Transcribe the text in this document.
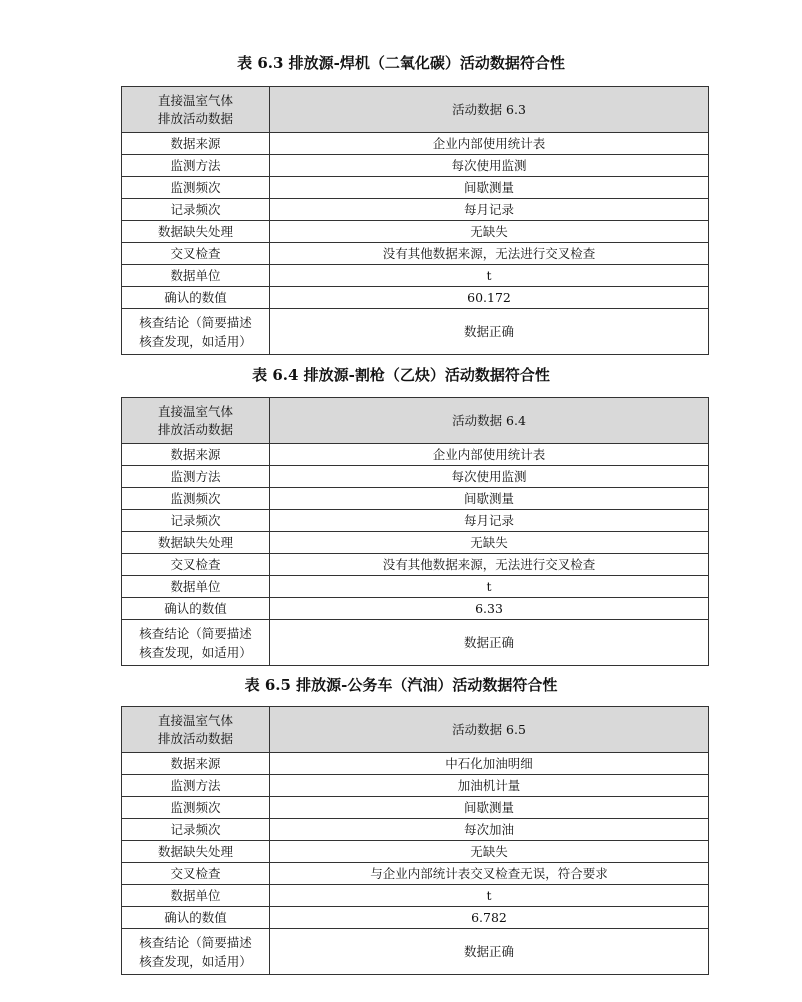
表 6.3 排放源-焊机（二氧化碳）活动数据符合性
直接温室气体
排放活动数据	活动数据 6.3
数据来源	企业内部使用统计表
监测方法	每次使用监测
监测频次	间歇测量
记录频次	每月记录
数据缺失处理	无缺失
交叉检查	没有其他数据来源，无法进行交叉检查
数据单位	t
确认的数值	60.172
核查结论（简要描述
核查发现，如适用）	数据正确
表 6.4 排放源-割枪（乙炔）活动数据符合性
直接温室气体
排放活动数据	活动数据 6.4
数据来源	企业内部使用统计表
监测方法	每次使用监测
监测频次	间歇测量
记录频次	每月记录
数据缺失处理	无缺失
交叉检查	没有其他数据来源，无法进行交叉检查
数据单位	t
确认的数值	6.33
核查结论（简要描述
核查发现，如适用）	数据正确
表 6.5 排放源-公务车（汽油）活动数据符合性
直接温室气体
排放活动数据	活动数据 6.5
数据来源	中石化加油明细
监测方法	加油机计量
监测频次	间歇测量
记录频次	每次加油
数据缺失处理	无缺失
交叉检查	与企业内部统计表交叉检查无误，符合要求
数据单位	t
确认的数值	6.782
核查结论（简要描述
核查发现，如适用）	数据正确
